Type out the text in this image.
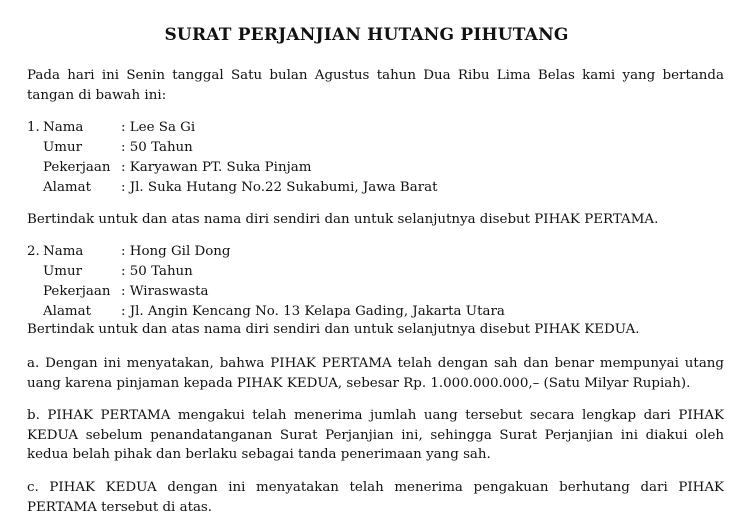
SURAT PERJANJIAN HUTANG PIHUTANG
Pada hari ini Senin tanggal Satu bulan Agustus tahun Dua Ribu Lima Belas kami yang bertanda tangan di bawah ini:
1. Nama	: Lee Sa Gi
Umur	: 50 Tahun
Pekerjaan : Karyawan PT. Suka Pinjam
Alamat : Jl. Suka Hutang No.22 Sukabumi, Jawa Barat
Bertindak untuk dan atas nama diri sendiri dan untuk selanjutnya disebut PIHAK PERTAMA.
2. Nama	: Hong Gil Dong
Umur	: 50 Tahun
Pekerjaan : Wiraswasta
Alamat : Jl. Angin Kencang No. 13 Kelapa Gading, Jakarta Utara
Bertindak untuk dan atas nama diri sendiri dan untuk selanjutnya disebut PIHAK KEDUA.
a. Dengan ini menyatakan, bahwa PIHAK PERTAMA telah dengan sah dan benar mempunyai utang uang karena pinjaman kepada PIHAK KEDUA, sebesar Rp. 1.000.000.000,– (Satu Milyar Rupiah).
b. PIHAK PERTAMA mengakui telah menerima jumlah uang tersebut secara lengkap dari PIHAK KEDUA sebelum penandatanganan Surat Perjanjian ini, sehingga Surat Perjanjian ini diakui oleh kedua belah pihak dan berlaku sebagai tanda penerimaan yang sah.
c. PIHAK KEDUA dengan ini menyatakan telah menerima pengakuan berhutang dari PIHAK PERTAMA tersebut di atas.
